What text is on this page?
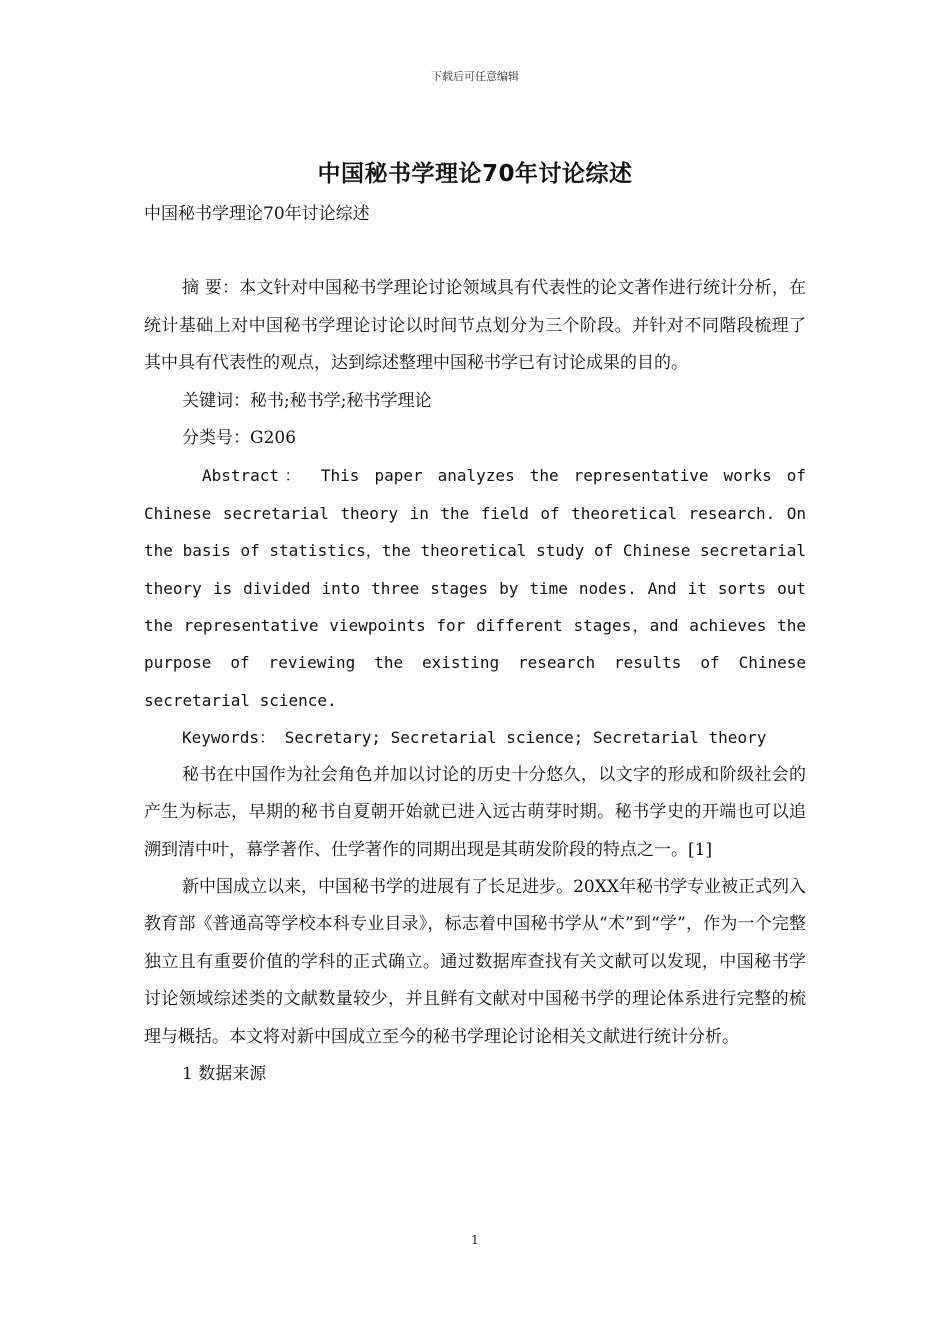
下载后可任意编辑
中国秘书学理论70年讨论综述

中国秘书学理论70年讨论综述

摘 要：本文针对中国秘书学理论讨论领域具有代表性的论文著作进行统计分析，在统计基础上对中国秘书学理论讨论以时间节点划分为三个阶段。并针对不同階段梳理了其中具有代表性的观点，达到综述整理中国秘书学已有讨论成果的目的。

关键词：秘书;秘书学;秘书学理论

分类号：G206

Abstract： This paper analyzes the representative works of Chinese secretarial theory in the field of theoretical research. On the basis of statistics，the theoretical study of Chinese secretarial theory is divided into three stages by time nodes. And it sorts out the representative viewpoints for different stages，and achieves the purpose of reviewing the existing research results of Chinese secretarial science.

Keywords： Secretary; Secretarial science; Secretarial theory

秘书在中国作为社会角色并加以讨论的历史十分悠久，以文字的形成和阶级社会的产生为标志，早期的秘书自夏朝开始就已进入远古萌芽时期。秘书学史的开端也可以追溯到清中叶，幕学著作、仕学著作的同期出现是其萌发阶段的特点之一。[1]

新中国成立以来，中国秘书学的进展有了长足进步。20XX年秘书学专业被正式列入教育部《普通高等学校本科专业目录》，标志着中国秘书学从“术”到“学”，作为一个完整独立且有重要价值的学科的正式确立。通过数据库查找有关文献可以发现，中国秘书学讨论领域综述类的文献数量较少，并且鲜有文献对中国秘书学的理论体系进行完整的梳理与概括。本文将对新中国成立至今的秘书学理论讨论相关文献进行统计分析。

1 数据来源

1
